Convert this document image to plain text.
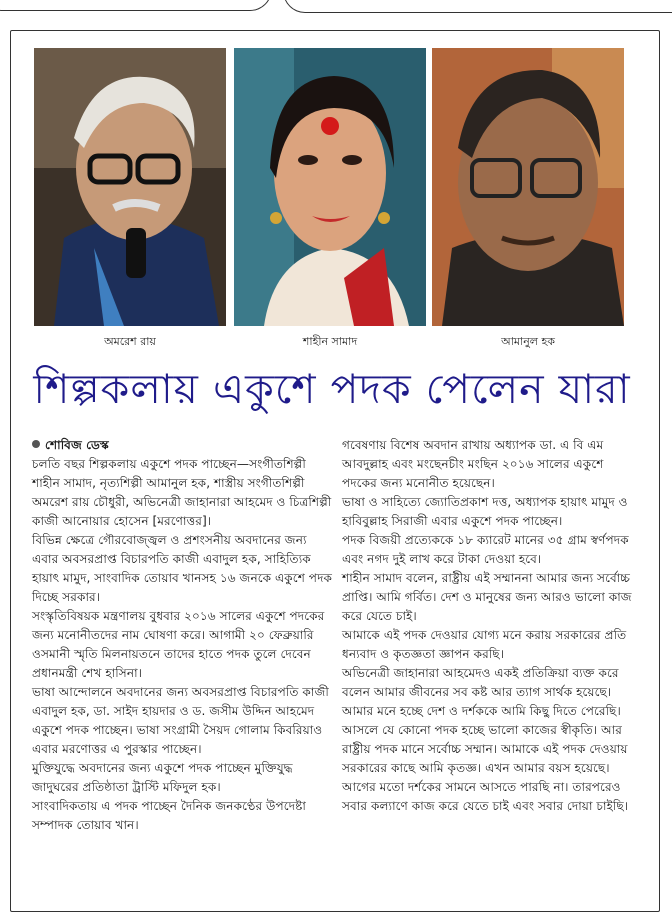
অমরেশ রায়	শাহীন সামাদ	আমানুল হক
শিল্পকলায় একুশে পদক পেলেন যারা

শোবিজ ডেস্ক

চলতি বছর শিল্পকলায় একুশে পদক পাচ্ছেন—সংগীতশিল্পী শাহীন সামাদ, নৃত্যশিল্পী আমানুল হক, শাস্ত্রীয় সংগীতশিল্পী অমরেশ রায় চৌধুরী, অভিনেত্রী জাহানারা আহমেদ ও চিত্রশিল্পী কাজী আনোয়ার হোসেন [মরণোত্তর]।

বিভিন্ন ক্ষেত্রে গৌরবোজ্জ্বল ও প্রশংসনীয় অবদানের জন্য এবার অবসরপ্রাপ্ত বিচারপতি কাজী এবাদুল হক, সাহিত্যিক হায়াৎ মামুদ, সাংবাদিক তোয়াব খানসহ ১৬ জনকে একুশে পদক দিচ্ছে সরকার।

সংস্কৃতিবিষয়ক মন্ত্রণালয় বুধবার ২০১৬ সালের একুশে পদকের জন্য মনোনীতদের নাম ঘোষণা করে। আগামী ২০ ফেব্রুয়ারি ওসমানী স্মৃতি মিলনায়তনে তাদের হাতে পদক তুলে দেবেন প্রধানমন্ত্রী শেখ হাসিনা।

ভাষা আন্দোলনে অবদানের জন্য অবসরপ্রাপ্ত বিচারপতি কাজী এবাদুল হক, ডা. সাইদ হায়দার ও ড. জসীম উদ্দিন আহমেদ একুশে পদক পাচ্ছেন। ভাষা সংগ্রামী সৈয়দ গোলাম কিবরিয়াও এবার মরণোত্তর এ পুরস্কার পাচ্ছেন।

মুক্তিযুদ্ধে অবদানের জন্য একুশে পদক পাচ্ছেন মুক্তিযুদ্ধ জাদুঘরের প্রতিষ্ঠাতা ট্রাস্টি মফিদুল হক।

সাংবাদিকতায় এ পদক পাচ্ছেন দৈনিক জনকণ্ঠের উপদেষ্টা সম্পাদক তোয়াব খান।

গবেষণায় বিশেষ অবদান রাখায় অধ্যাপক ডা. এ বি এম আবদুল্লাহ এবং মংছেনচীং মংছিন ২০১৬ সালের একুশে পদকের জন্য মনোনীত হয়েছেন।

ভাষা ও সাহিত্যে জ্যোতিপ্রকাশ দত্ত, অধ্যাপক হায়াৎ মামুদ ও হাবিবুল্লাহ সিরাজী এবার একুশে পদক পাচ্ছেন।

পদক বিজয়ী প্রত্যেককে ১৮ ক্যারেট মানের ৩৫ গ্রাম স্বর্ণপদক এবং নগদ দুই লাখ করে টাকা দেওয়া হবে।

শাহীন সামাদ বলেন, রাষ্ট্রীয় এই সম্মাননা আমার জন্য সর্বোচ্চ প্রাপ্তি। আমি গর্বিত। দেশ ও মানুষের জন্য আরও ভালো কাজ করে যেতে চাই।

আমাকে এই পদক দেওয়ার যোগ্য মনে করায় সরকারের প্রতি ধন্যবাদ ও কৃতজ্ঞতা জ্ঞাপন করছি।

অভিনেত্রী জাহানারা আহমেদও একই প্রতিক্রিয়া ব্যক্ত করে বলেন আমার জীবনের সব কষ্ট আর ত্যাগ সার্থক হয়েছে। আমার মনে হচ্ছে দেশ ও দর্শককে আমি কিছু দিতে পেরেছি। আসলে যে কোনো পদক হচ্ছে ভালো কাজের স্বীকৃতি। আর রাষ্ট্রীয় পদক মানে সর্বোচ্চ সম্মান। আমাকে এই পদক দেওয়ায় সরকারের কাছে আমি কৃতজ্ঞ। এখন আমার বয়স হয়েছে। আগের মতো দর্শকের সামনে আসতে পারছি না। তারপরেও সবার কল্যাণে কাজ করে যেতে চাই এবং সবার দোয়া চাইছি।
